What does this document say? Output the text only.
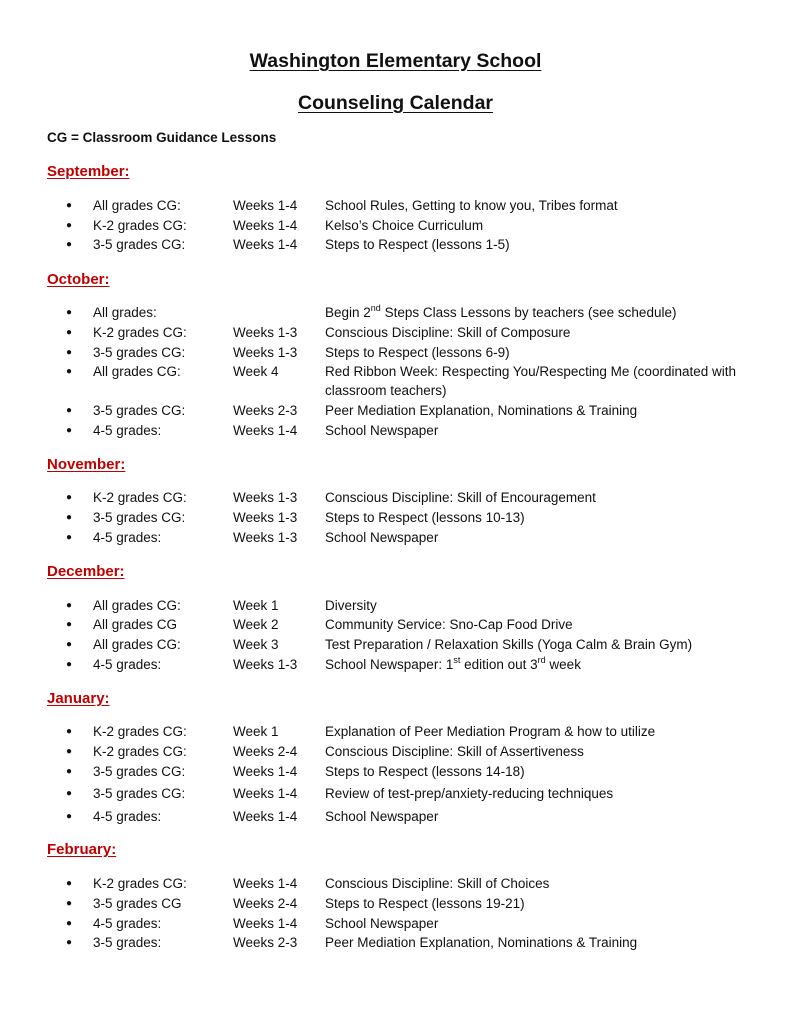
Washington Elementary School
Counseling Calendar
CG = Classroom Guidance Lessons
September:
● All grades CG:	Weeks 1-4 School Rules, Getting to know you, Tribes format
● K-2 grades CG:	Weeks 1-4 Kelso’s Choice Curriculum
● 3-5 grades CG:	Weeks 1-4 Steps to Respect (lessons 1-5)
October:
● All grades:	Begin 2nd Steps Class Lessons by teachers (see schedule)
● K-2 grades CG:	Weeks 1-3 Conscious Discipline: Skill of Composure
● 3-5 grades CG:	Weeks 1-3 Steps to Respect (lessons 6-9)
● All grades CG:	Week 4	Red Ribbon Week: Respecting You/Respecting Me (coordinated with classroom teachers)
● 3-5 grades CG:	Weeks 2-3 Peer Mediation Explanation, Nominations & Training
● 4-5 grades:	Weeks 1-4 School Newspaper
November:
● K-2 grades CG:	Weeks 1-3 Conscious Discipline: Skill of Encouragement
● 3-5 grades CG:	Weeks 1-3 Steps to Respect (lessons 10-13)
● 4-5 grades:	Weeks 1-3 School Newspaper
December:
● All grades CG:	Week 1	Diversity
● All grades CG	Week 2	Community Service: Sno-Cap Food Drive
● All grades CG:	Week 3	Test Preparation / Relaxation Skills (Yoga Calm & Brain Gym)
● 4-5 grades:	Weeks 1-3 School Newspaper: 1st edition out 3rd week
January:
● K-2 grades CG:	Week 1	Explanation of Peer Mediation Program & how to utilize
● K-2 grades CG:	Weeks 2-4 Conscious Discipline: Skill of Assertiveness
● 3-5 grades CG:	Weeks 1-4 Steps to Respect (lessons 14-18)
● 3-5 grades CG:	Weeks 1-4 Review of test-prep/anxiety-reducing techniques
● 4-5 grades:	Weeks 1-4 School Newspaper
February:
● K-2 grades CG:	Weeks 1-4 Conscious Discipline: Skill of Choices
● 3-5 grades CG	Weeks 2-4 Steps to Respect (lessons 19-21)
● 4-5 grades:	Weeks 1-4 School Newspaper
● 3-5 grades:	Weeks 2-3 Peer Mediation Explanation, Nominations & Training
